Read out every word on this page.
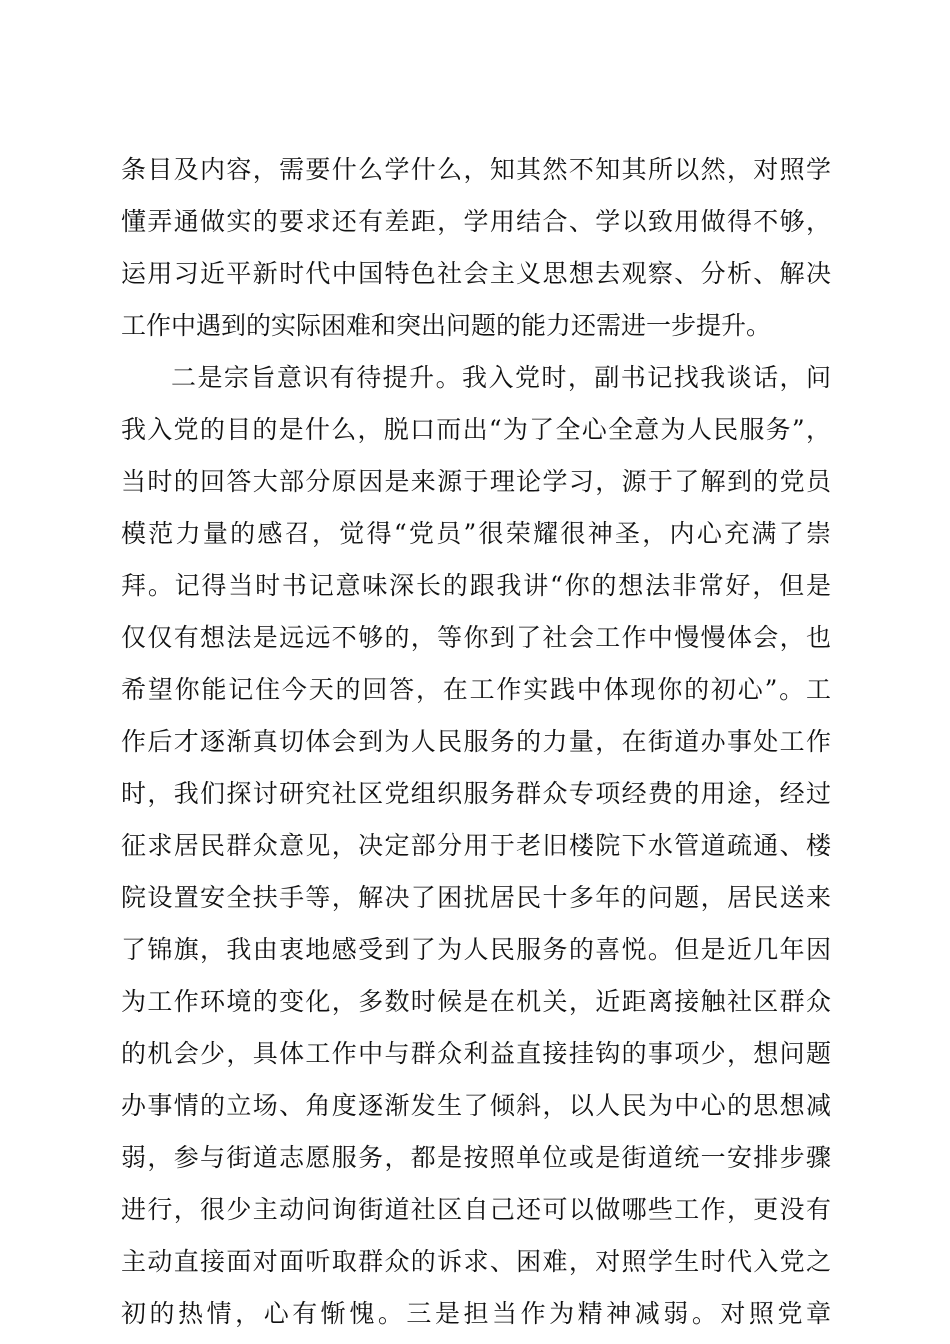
条目及内容，需要什么学什么，知其然不知其所以然，对照学
懂弄通做实的要求还有差距，学用结合、学以致用做得不够，
运用习近平新时代中国特色社会主义思想去观察、分析、解决
工作中遇到的实际困难和突出问题的能力还需进一步提升。
二是宗旨意识有待提升。我入党时，副书记找我谈话，问
我入党的目的是什么，脱口而出“为了全心全意为人民服务”，
当时的回答大部分原因是来源于理论学习，源于了解到的党员
模范力量的感召，觉得“党员”很荣耀很神圣，内心充满了崇
拜。记得当时书记意味深长的跟我讲“你的想法非常好，但是
仅仅有想法是远远不够的，等你到了社会工作中慢慢体会，也
希望你能记住今天的回答，在工作实践中体现你的初心”。工
作后才逐渐真切体会到为人民服务的力量，在街道办事处工作
时，我们探讨研究社区党组织服务群众专项经费的用途，经过
征求居民群众意见，决定部分用于老旧楼院下水管道疏通、楼
院设置安全扶手等，解决了困扰居民十多年的问题，居民送来
了锦旗，我由衷地感受到了为人民服务的喜悦。但是近几年因
为工作环境的变化，多数时候是在机关，近距离接触社区群众
的机会少，具体工作中与群众利益直接挂钩的事项少，想问题
办事情的立场、角度逐渐发生了倾斜，以人民为中心的思想减
弱，参与街道志愿服务，都是按照单位或是街道统一安排步骤
进行，很少主动问询街道社区自己还可以做哪些工作，更没有
主动直接面对面听取群众的诉求、困难，对照学生时代入党之
初的热情，心有惭愧。三是担当作为精神减弱。对照党章
